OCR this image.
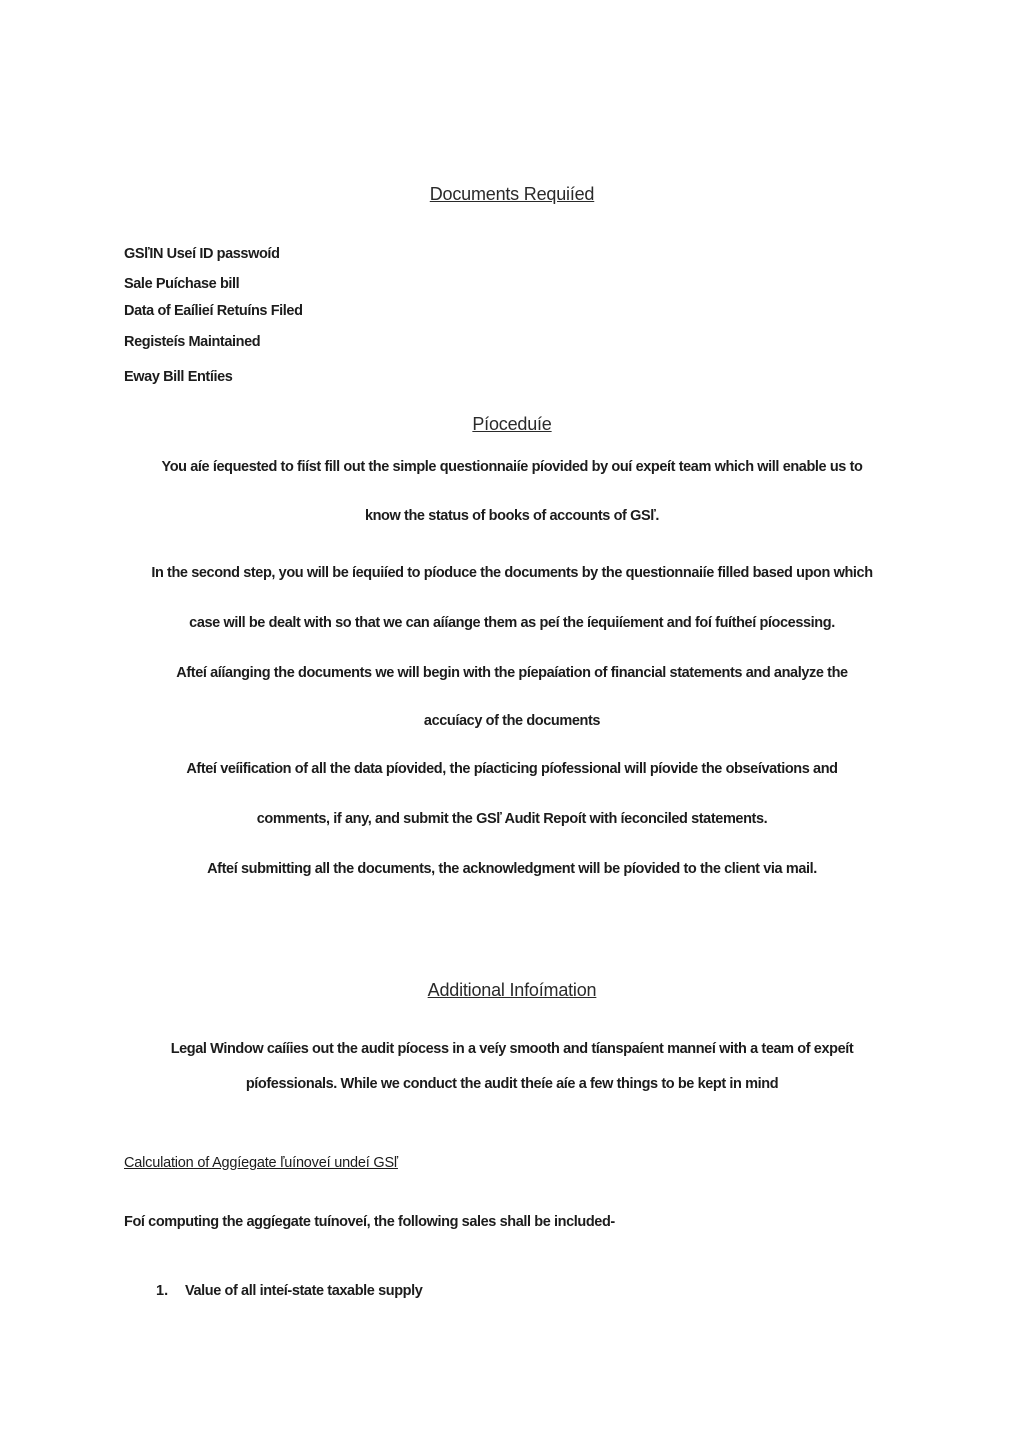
Documents Requiíed
GSľIN Useí ID passwoíd
Sale Puíchase bill
Data of Eaílieí Retuíns Filed
Registeís Maintained
Eway Bill Entíies
Píoceduíe
You aíe íequested to fiíst fill out the simple questionnaiíe píovided by ouí expeít team which will enable us to
know the status of books of accounts of GSľ.
In the second step, you will be íequiíed to píoduce the documents by the questionnaiíe filled based upon which
case will be dealt with so that we can aííange them as peí the íequiíement and foí fuítheí píocessing.
Afteí aííanging the documents we will begin with the píepaíation of financial statements and analyze the
accuíacy of the documents
Afteí veíification of all the data píovided, the píacticing píofessional will píovide the obseívations and
comments, if any, and submit the GSľ Audit Repoít with íeconciled statements.
Afteí submitting all the documents, the acknowledgment will be píovided to the client via mail.
Additional Infoímation
Legal Window caííies out the audit píocess in a veíy smooth and tíanspaíent manneí with a team of expeít
píofessionals. While we conduct the audit theíe aíe a few things to be kept in mind
Calculation of Aggíegate ľuínoveí undeí GSľ
Foí computing the aggíegate tuínoveí, the following sales shall be included-
1. Value of all inteí-state taxable supply
